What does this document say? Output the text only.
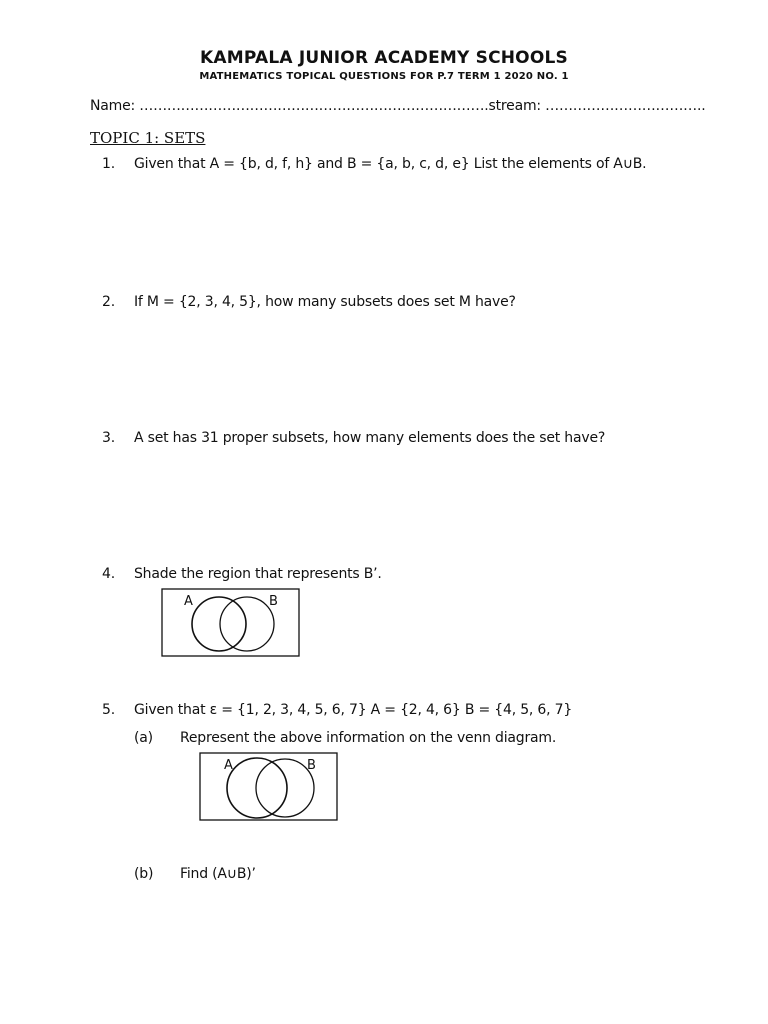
KAMPALA JUNIOR ACADEMY SCHOOLS
MATHEMATICS TOPICAL QUESTIONS FOR P.7 TERM 1 2020 NO. 1
Name: ………………………………………………………………….stream: ……………………………..
TOPIC 1: SETS
1. Given that A = {b, d, f, h} and B = {a, b, c, d, e} List the elements of A∪B.
2. If M = {2, 3, 4, 5}, how many subsets does set M have?
3. A set has 31 proper subsets, how many elements does the set have?
4. Shade the region that represents B’.
A	B
5. Given that ε = {1, 2, 3, 4, 5, 6, 7} A = {2, 4, 6} B = {4, 5, 6, 7}
(a) Represent the above information on the venn diagram.
A	B
(b) Find (A∪B)’
